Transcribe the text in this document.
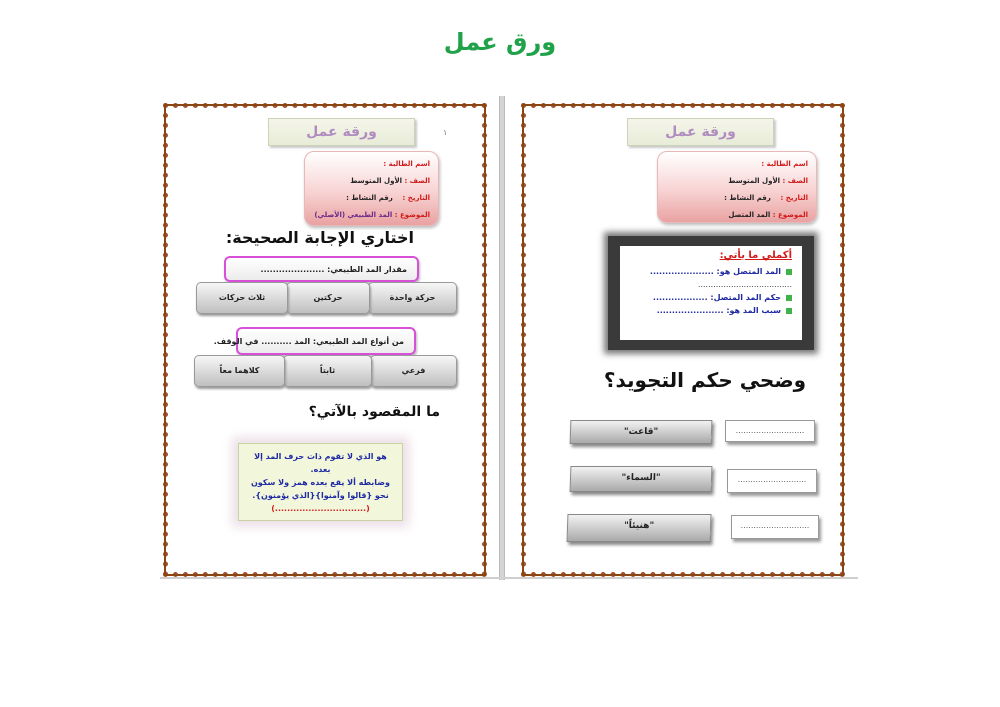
ورق عمل
١
ورقة عمل
اسم الطالبة :
الصف : الأول المتوسط
التاريخ :    رقم النشاط :
الموضوع : المد الطبيعي (الأصلي)
اختاري الإجابة الصحيحة:
مقدار المد الطبيعي: .....................
حركة واحدة
حركتين
ثلاث حركات
من أنواع المد الطبيعي: المد .......... في الوقف.
فرعي
ثابتاً
كلاهما معاً
ما المقصود بالآتي؟
هو الذي لا تقوم ذات حرف المد إلا بعده.
وضابطه ألا يقع بعده همز ولا سكون
نحو {قالوا وآمنوا}{الذي يؤمنون}.
(..............................)
ورقة عمل
اسم الطالبة :
الصف : الأول المتوسط
التاريخ :    رقم النشاط :
الموضوع : المد المتصل
أكملي ما يأتي:
المد المتصل هو: .....................
.....................................
حكم المد المتصل: ..................
سبب المد هو: ......................
وضحي حكم التجويد؟
"قاعت"
"السماء"
"هنيئاً"
...........................
...........................
...........................
